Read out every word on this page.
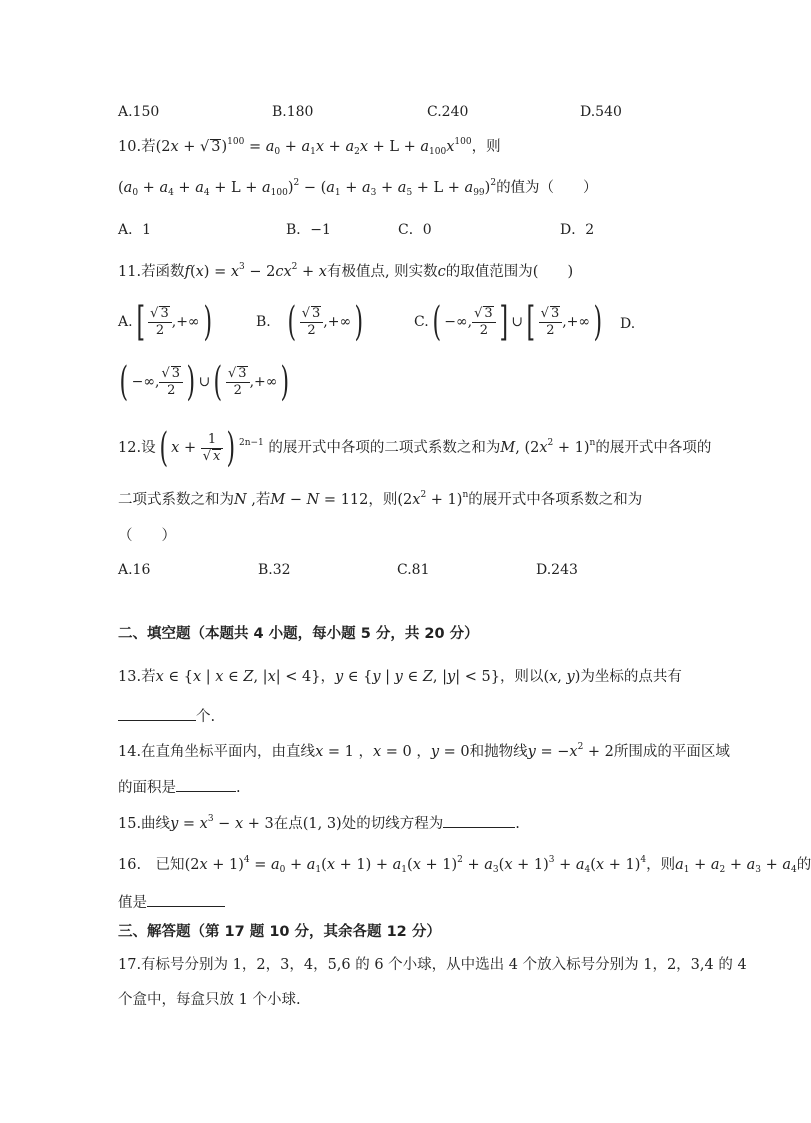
A.150	B.180	C.240	D.540
10.若(2x + √ $3)^{100} = a_0 + a_1x + a_2x + L + a_{100}x^{100}$，则
$(a_0 + a_4 + a_4 + L + a_{100})^2 - (a_1 + a_3 + a_5 + L + a_{99})^2$的值为（　　）
A．1	B．−1	C．0	D．2
11.若函数$f(x) = x^3 - 2cx^2 + x$有极值点, 则实数c的取值范围为(　　)
$A.[ \frac{√ 3}{2}$ ,+∞)	B. ( $\frac{√ 3}{2}$ ,+∞)	C.( −∞, $\frac{√ 3}{2}$ ] ∪[ $\frac{√ 3}{2}$ ,+∞) D.
( −∞, $\frac{√ 3}{2}$ ) ∪( $\frac{√ 3}{2}$ ,+∞)
12.设( $x + \frac{1}{√ x}$ ) $^{2n-1}$ 的展开式中各项的二项式系数之和为M, $(2x^2 + 1)^n$的展开式中各项的
二项式系数之和为N ,若M − N = 112，则$(2x^2 + 1)^n$的展开式中各项系数之和为
（　　）
A.16	B.32	C.81	D.243
二、填空题（本题共 4 小题，每小题 5 分，共 20 分）
13.若x ∈ {x | x ∈ Z, |x| < 4}，y ∈ {y | y ∈ Z, |y| < 5}，则以(x, y)为坐标的点共有
个.
14.在直角坐标平面内，由直线x = 1 ，x = 0 ，y = 0和抛物线$y = -x^2 + 2$所围成的平面区域
的面积是	.
15.曲线$y = x^3 - x + 3$在点(1, 3)处的切线方程为	.
16.　已知$(2x + 1)^4 = a_0 + a_1(x + 1) + a_1(x + 1)^2 + a_3(x + 1)^3 + a_4(x + 1)^4$，则$a_1 + a_2 + a_3 + a_4$的
值是
三、解答题（第 17 题 10 分，其余各题 12 分）
17.有标号分别为 1，2，3，4，5,6 的 6 个小球，从中选出 4 个放入标号分别为 1，2，3,4 的 4
个盒中，每盒只放 1 个小球.
